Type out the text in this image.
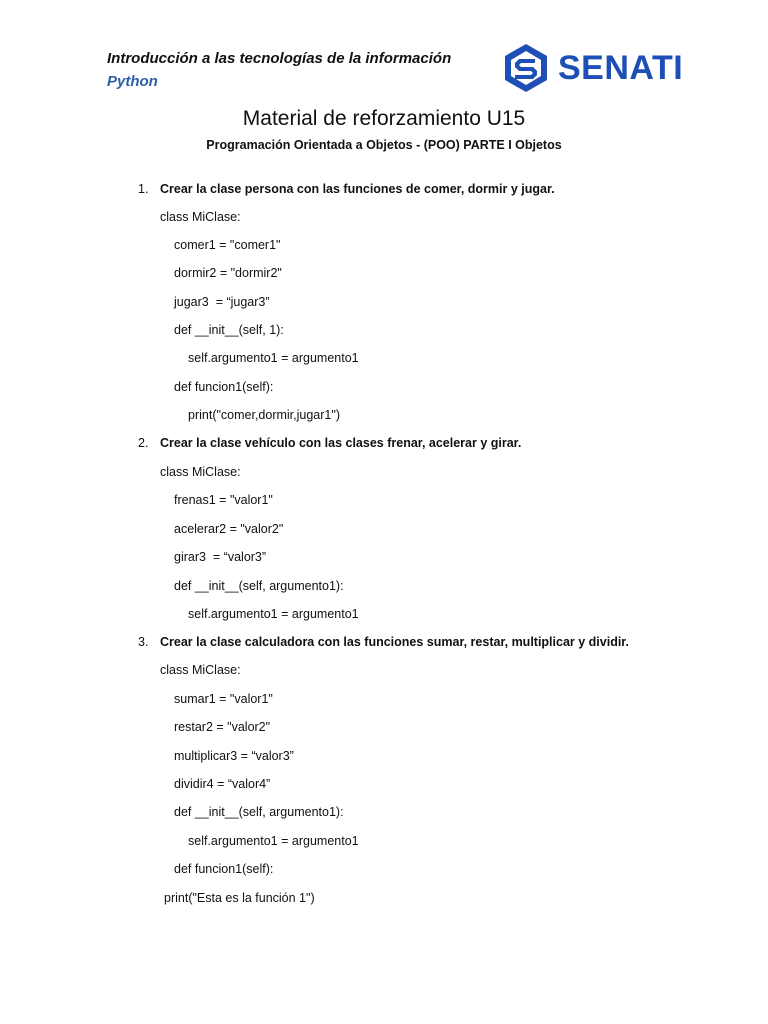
Introducción a las tecnologías de la información
Python	SENATI
Material de reforzamiento U15
Programación Orientada a Objetos - (POO) PARTE I Objetos
1. Crear la clase persona con las funciones de comer, dormir y jugar.
class MiClase:
comer1 = "comer1"
dormir2 = "dormir2"
jugar3  = “jugar3”
def __init__(self, 1):
self.argumento1 = argumento1
def funcion1(self):
print("comer,dormir,jugar1")
2. Crear la clase vehículo con las clases frenar, acelerar y girar.
class MiClase:
frenas1 = "valor1"
acelerar2 = "valor2"
girar3  = “valor3”
def __init__(self, argumento1):
self.argumento1 = argumento1
3. Crear la clase calculadora con las funciones sumar, restar, multiplicar y dividir.
class MiClase:
sumar1 = "valor1"
restar2 = "valor2"
multiplicar3 = “valor3”
dividir4 = “valor4”
def __init__(self, argumento1):
self.argumento1 = argumento1
def funcion1(self):
print("Esta es la función 1")
